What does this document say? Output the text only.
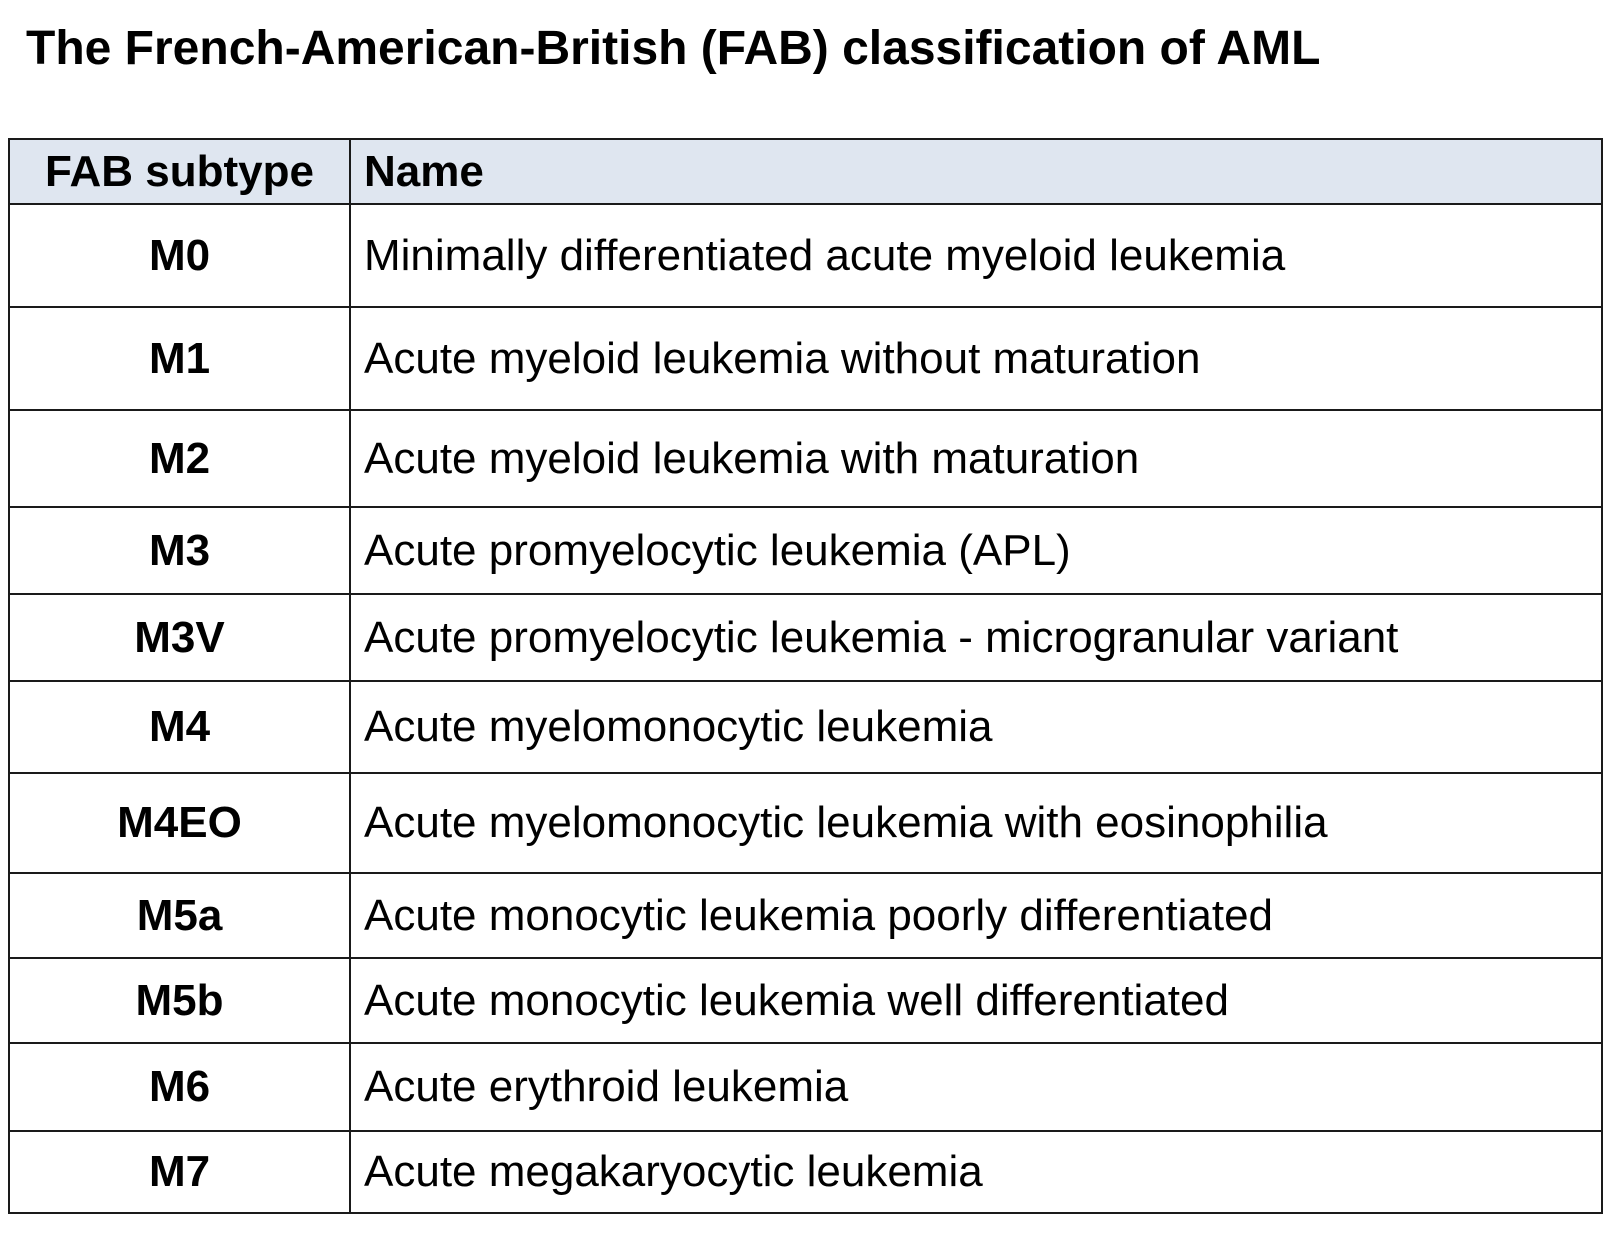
The French-American-British (FAB) classification of AML
FAB subtype	Name
M0	Minimally differentiated acute myeloid leukemia
M1	Acute myeloid leukemia without maturation
M2	Acute myeloid leukemia with maturation
M3	Acute promyelocytic leukemia (APL)
M3V	Acute promyelocytic leukemia - microgranular variant
M4	Acute myelomonocytic leukemia
M4EO	Acute myelomonocytic leukemia with eosinophilia
M5a	Acute monocytic leukemia poorly differentiated
M5b	Acute monocytic leukemia well differentiated
M6	Acute erythroid leukemia
M7	Acute megakaryocytic leukemia
